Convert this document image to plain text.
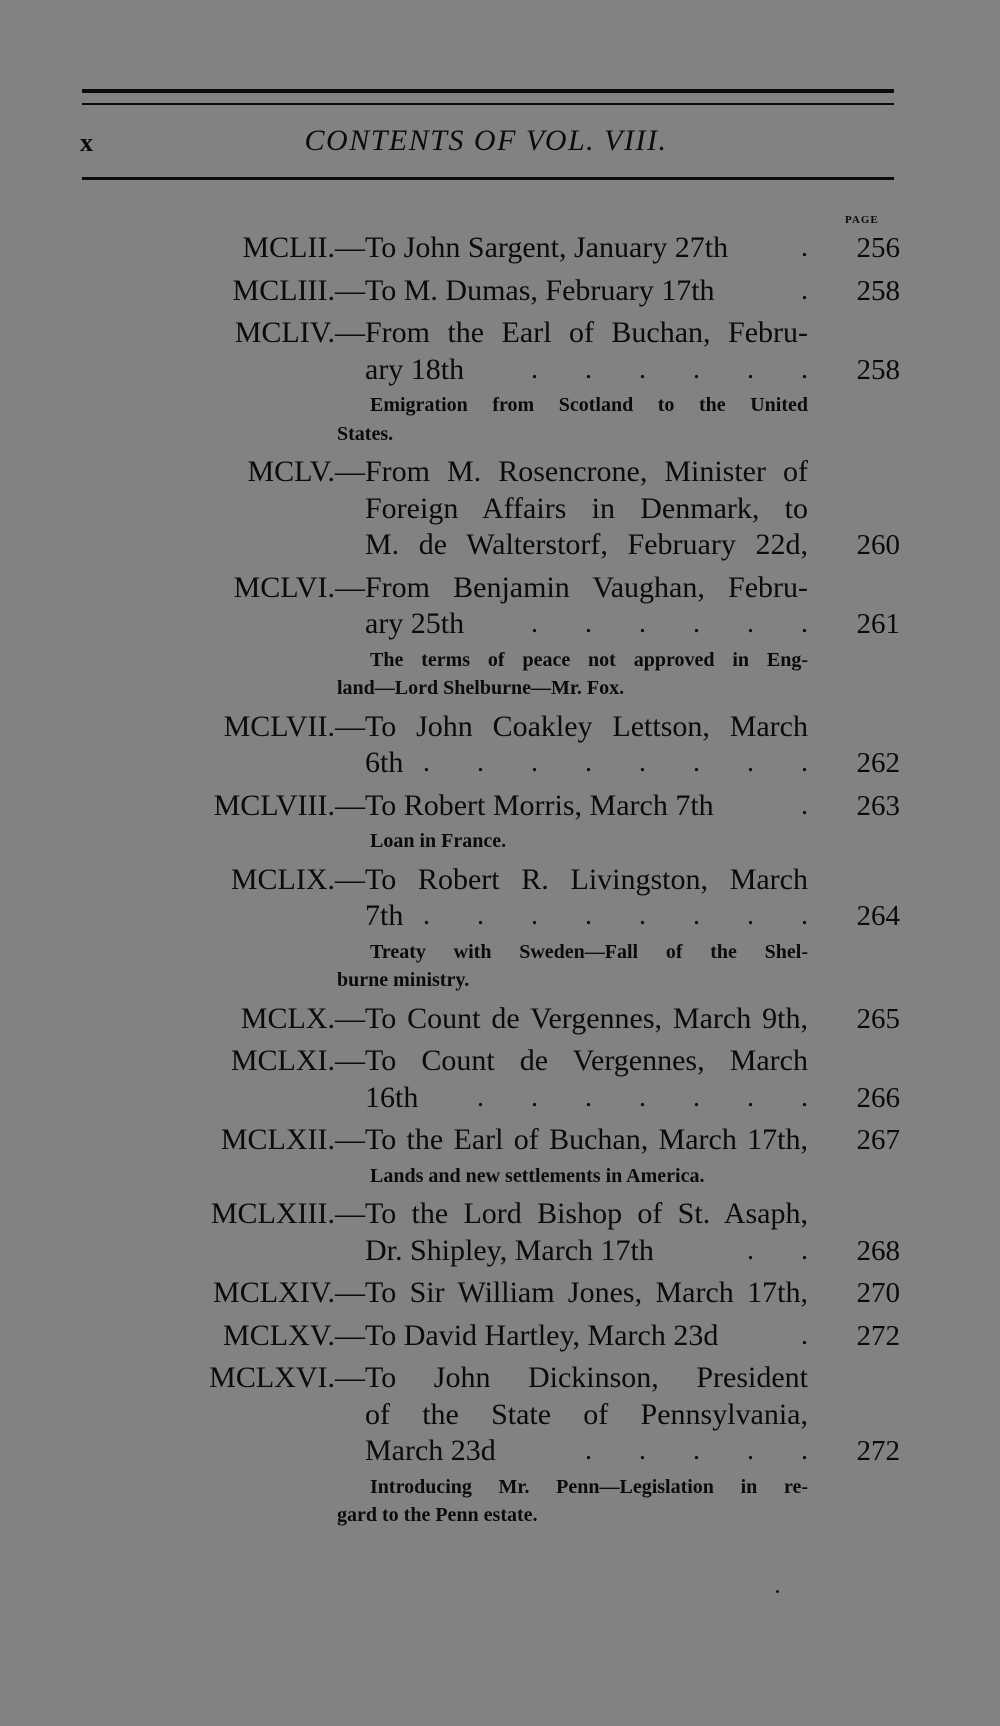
x	CONTENTS OF VOL. VIII.
PAGE
MCLII. —To John Sargent, January 27th	. 256
MCLIII. —To M. Dumas, February 17th	. 258
MCLIV. —From the Earl of Buchan, Febru-
ary 18th . . . . . . 258
Emigration from Scotland to the United
States.
MCLV. —From M. Rosencrone, Minister of
Foreign Affairs in Denmark, to
M. de Walterstorf, February 22d,	260
MCLVI. —From Benjamin Vaughan, Febru-
ary 25th . . . . . . 261
The terms of peace not approved in Eng-
land—Lord Shelburne—Mr. Fox.
MCLVII. —To John Coakley Lettson, March
6th . . . . . . . . 262
MCLVIII. —To Robert Morris, March 7th	. 263
Loan in France.
MCLIX. —To Robert R. Livingston, March
7th . . . . . . . . 264
Treaty with Sweden—Fall of the Shel-
burne ministry.
MCLX. —To Count de Vergennes, March 9th,	265
MCLXI. —To Count de Vergennes, March
16th . . . . . . . 266
MCLXII. —To the Earl of Buchan, March 17th,	267
Lands and new settlements in America.
MCLXIII. —To the Lord Bishop of St. Asaph,
Dr. Shipley, March 17th	. . 268
MCLXIV. —To Sir William Jones, March 17th,	270
MCLXV. —To David Hartley, March 23d	. 272
MCLXVI. —To John Dickinson, President
of the State of Pennsylvania,
March 23d	. . . . . 272
Introducing Mr. Penn—Legislation in re-
gard to the Penn estate.
